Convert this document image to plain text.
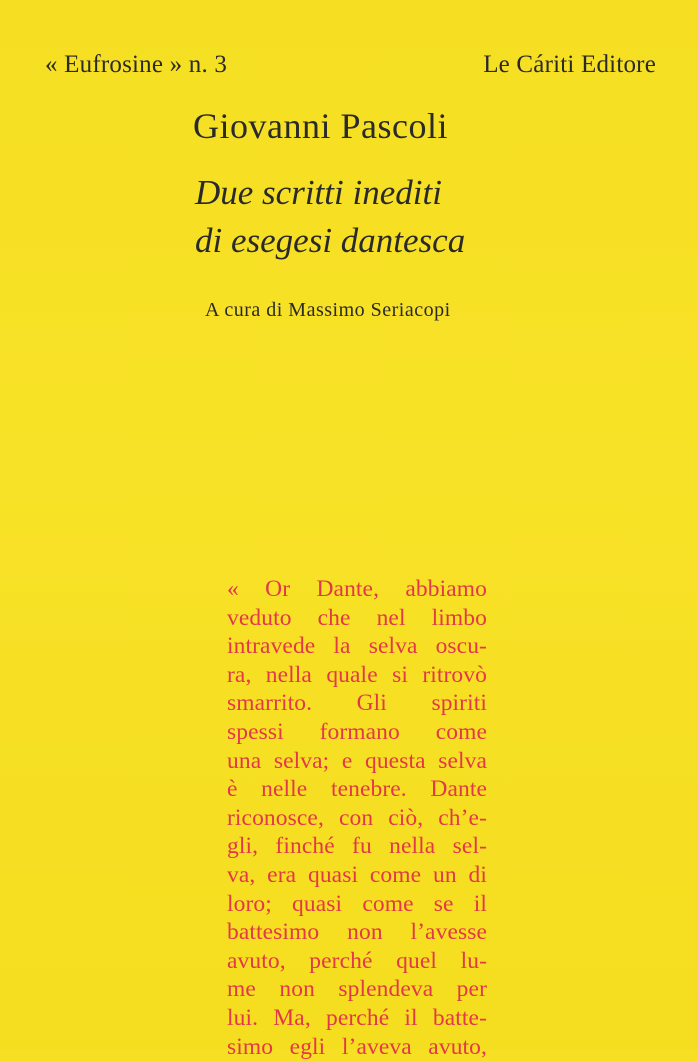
« Eufrosine » n. 3	Le Cáriti Editore
Giovanni Pascoli
Due scritti inediti
di esegesi dantesca
A cura di Massimo Seriacopi
« Or Dante, abbiamo
veduto che nel limbo
intravede la selva oscu-
ra, nella quale si ritrovò
smarrito. Gli spiriti
spessi formano come
una selva; e questa selva
è nelle tenebre. Dante
riconosce, con ciò, ch’e-
gli, finché fu nella sel-
va, era quasi come un di
loro; quasi come se il
battesimo non l’avesse
avuto, perché quel lu-
me non splendeva per
lui. Ma, perché il batte-
simo egli l’aveva avuto,
